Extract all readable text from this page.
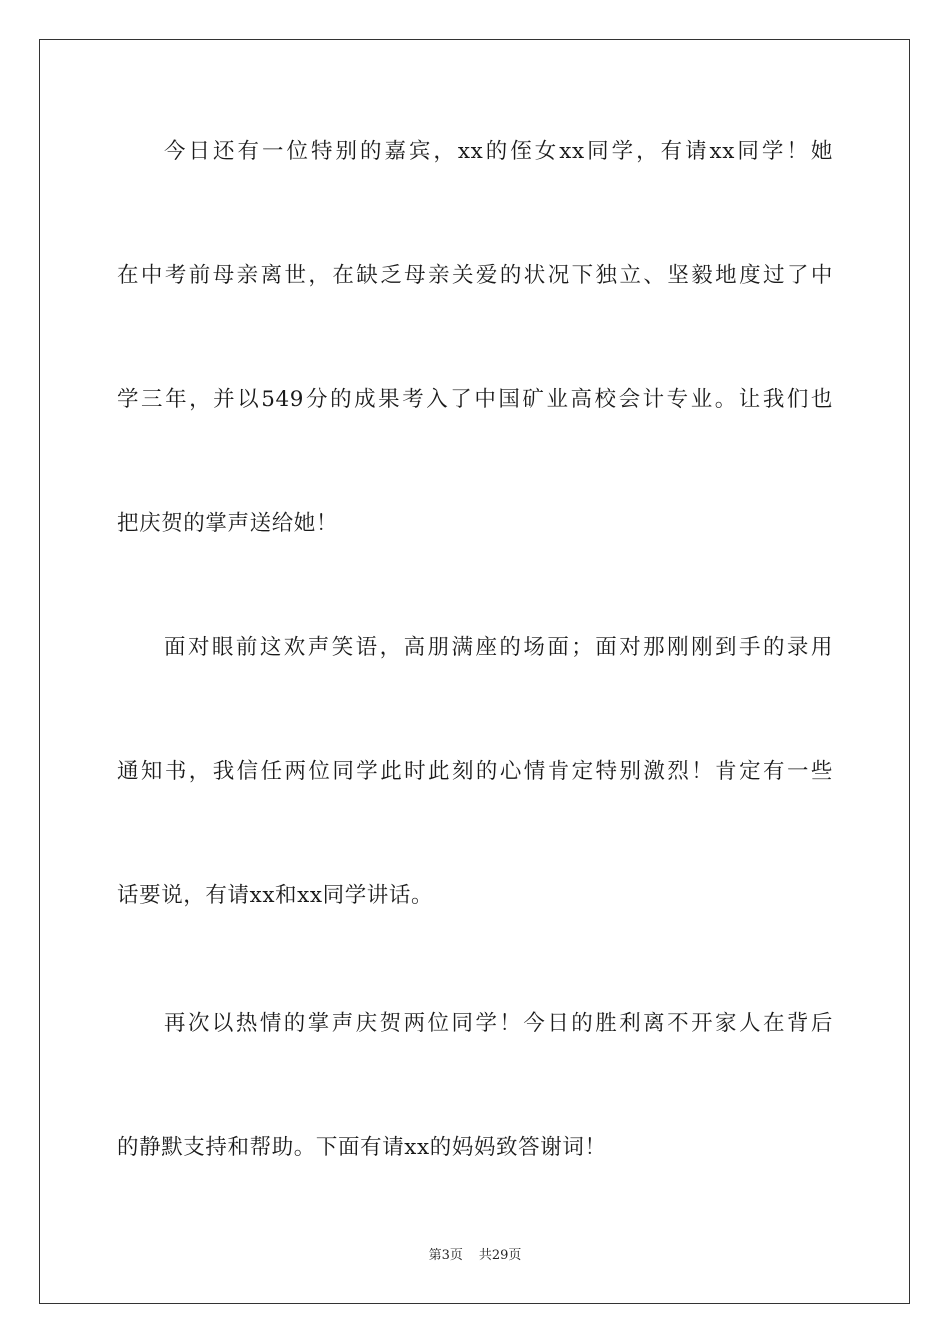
今日还有一位特别的嘉宾，xx的侄女xx同学，有请xx同学！她
在中考前母亲离世，在缺乏母亲关爱的状况下独立、坚毅地度过了中
学三年，并以549分的成果考入了中国矿业高校会计专业。让我们也
把庆贺的掌声送给她！
面对眼前这欢声笑语，高朋满座的场面；面对那刚刚到手的录用
通知书，我信任两位同学此时此刻的心情肯定特别激烈！肯定有一些
话要说，有请xx和xx同学讲话。
再次以热情的掌声庆贺两位同学！今日的胜利离不开家人在背后
的静默支持和帮助。下面有请xx的妈妈致答谢词！
第3页 共29页
